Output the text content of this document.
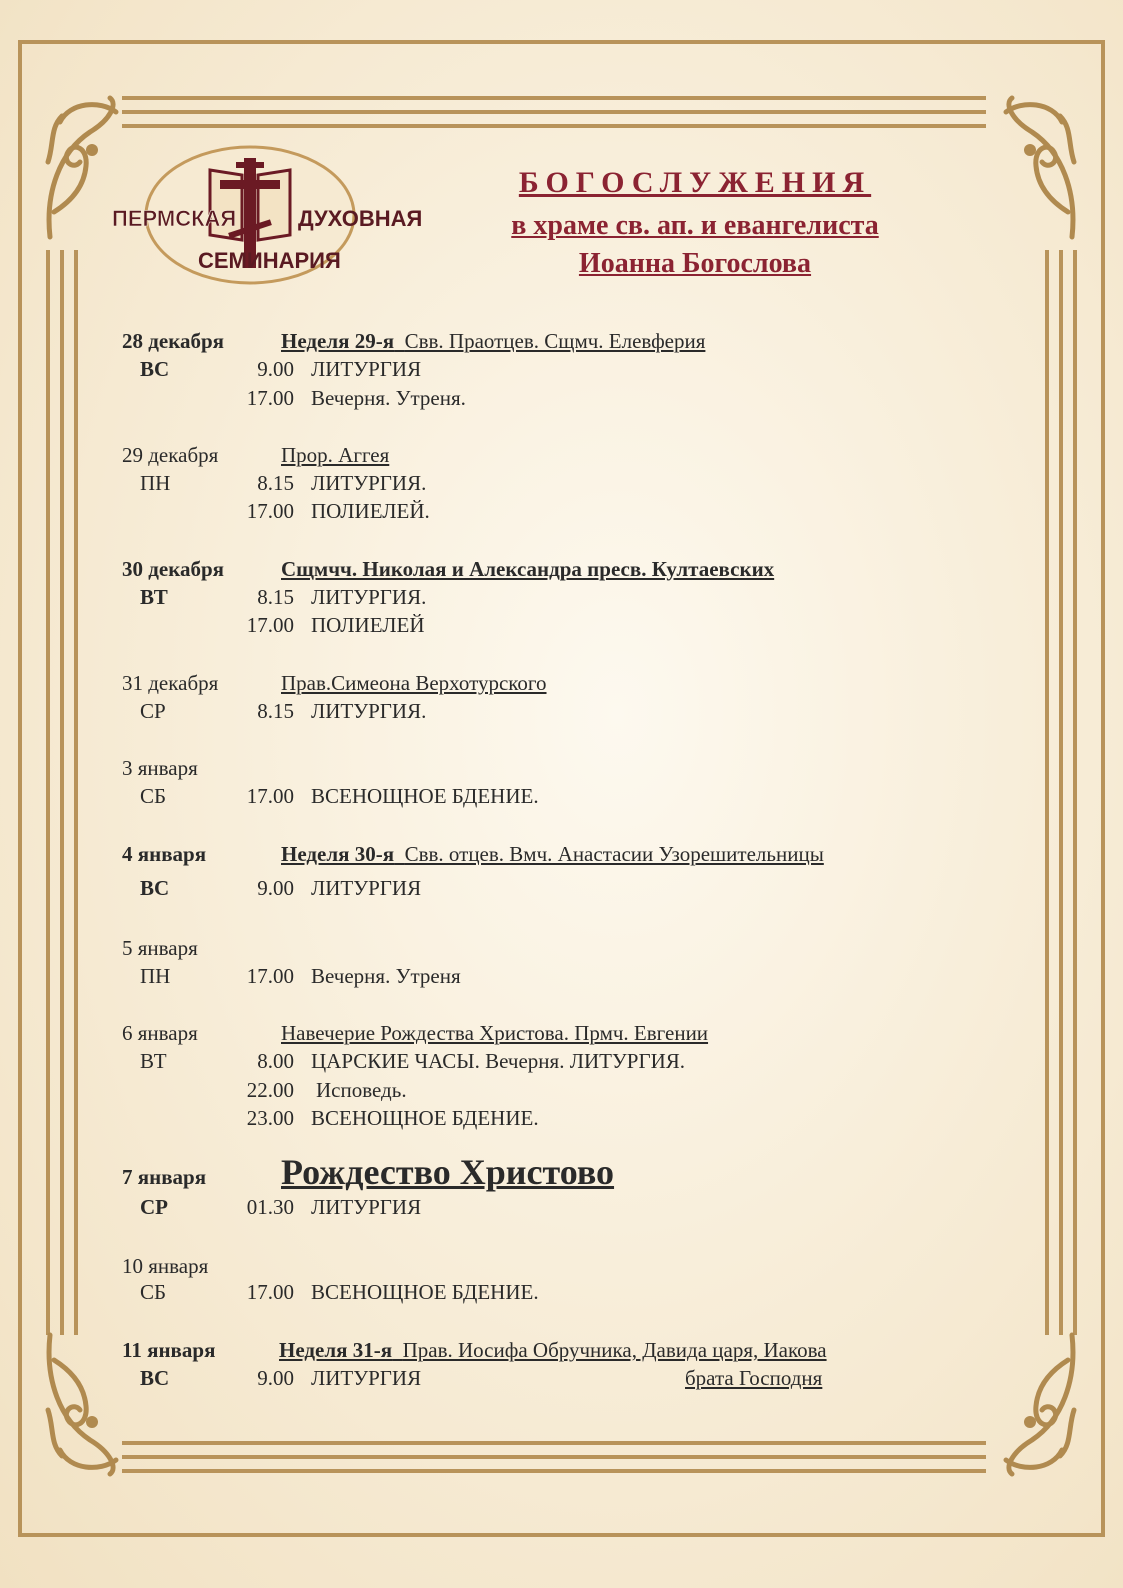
ПЕРМСКАЯ	ДУХОВНАЯ
СЕМИНАРИЯ
БОГОСЛУЖЕНИЯ
в храме св. ап. и евангелиста
Иоанна Богослова
28 декабря	Неделя 29-я Свв. Праотцев. Сщмч. Елевферия
ВС	9.00 ЛИТУРГИЯ
17.00 Вечерня. Утреня.
29 декабря	Прор. Аггея
ПН	8.15 ЛИТУРГИЯ.
17.00 ПОЛИЕЛЕЙ.
30 декабря	Сщмчч. Николая и Александра пресв. Култаевских
ВТ	8.15 ЛИТУРГИЯ.
17.00 ПОЛИЕЛЕЙ
31 декабря	Прав.Симеона Верхотурского
СР	8.15 ЛИТУРГИЯ.
3 января
СБ	17.00 ВСЕНОЩНОЕ БДЕНИЕ.
4 января	Неделя 30-я Свв. отцев. Вмч. Анастасии Узорешительницы
ВС	9.00 ЛИТУРГИЯ
5 января
ПН	17.00 Вечерня. Утреня
6 января	Навечерие Рождества Христова. Прмч. Евгении
ВТ	8.00 ЦАРСКИЕ ЧАСЫ. Вечерня. ЛИТУРГИЯ.
22.00 Исповедь.
23.00 ВСЕНОЩНОЕ БДЕНИЕ.
7 января Рождество Христово
СР	01.30 ЛИТУРГИЯ
10 января
СБ	17.00 ВСЕНОЩНОЕ БДЕНИЕ.
11 января	Неделя 31-я Прав. Иосифа Обручника, Давида царя, Иакова
ВС	9.00 ЛИТУРГИЯ	брата Господня
